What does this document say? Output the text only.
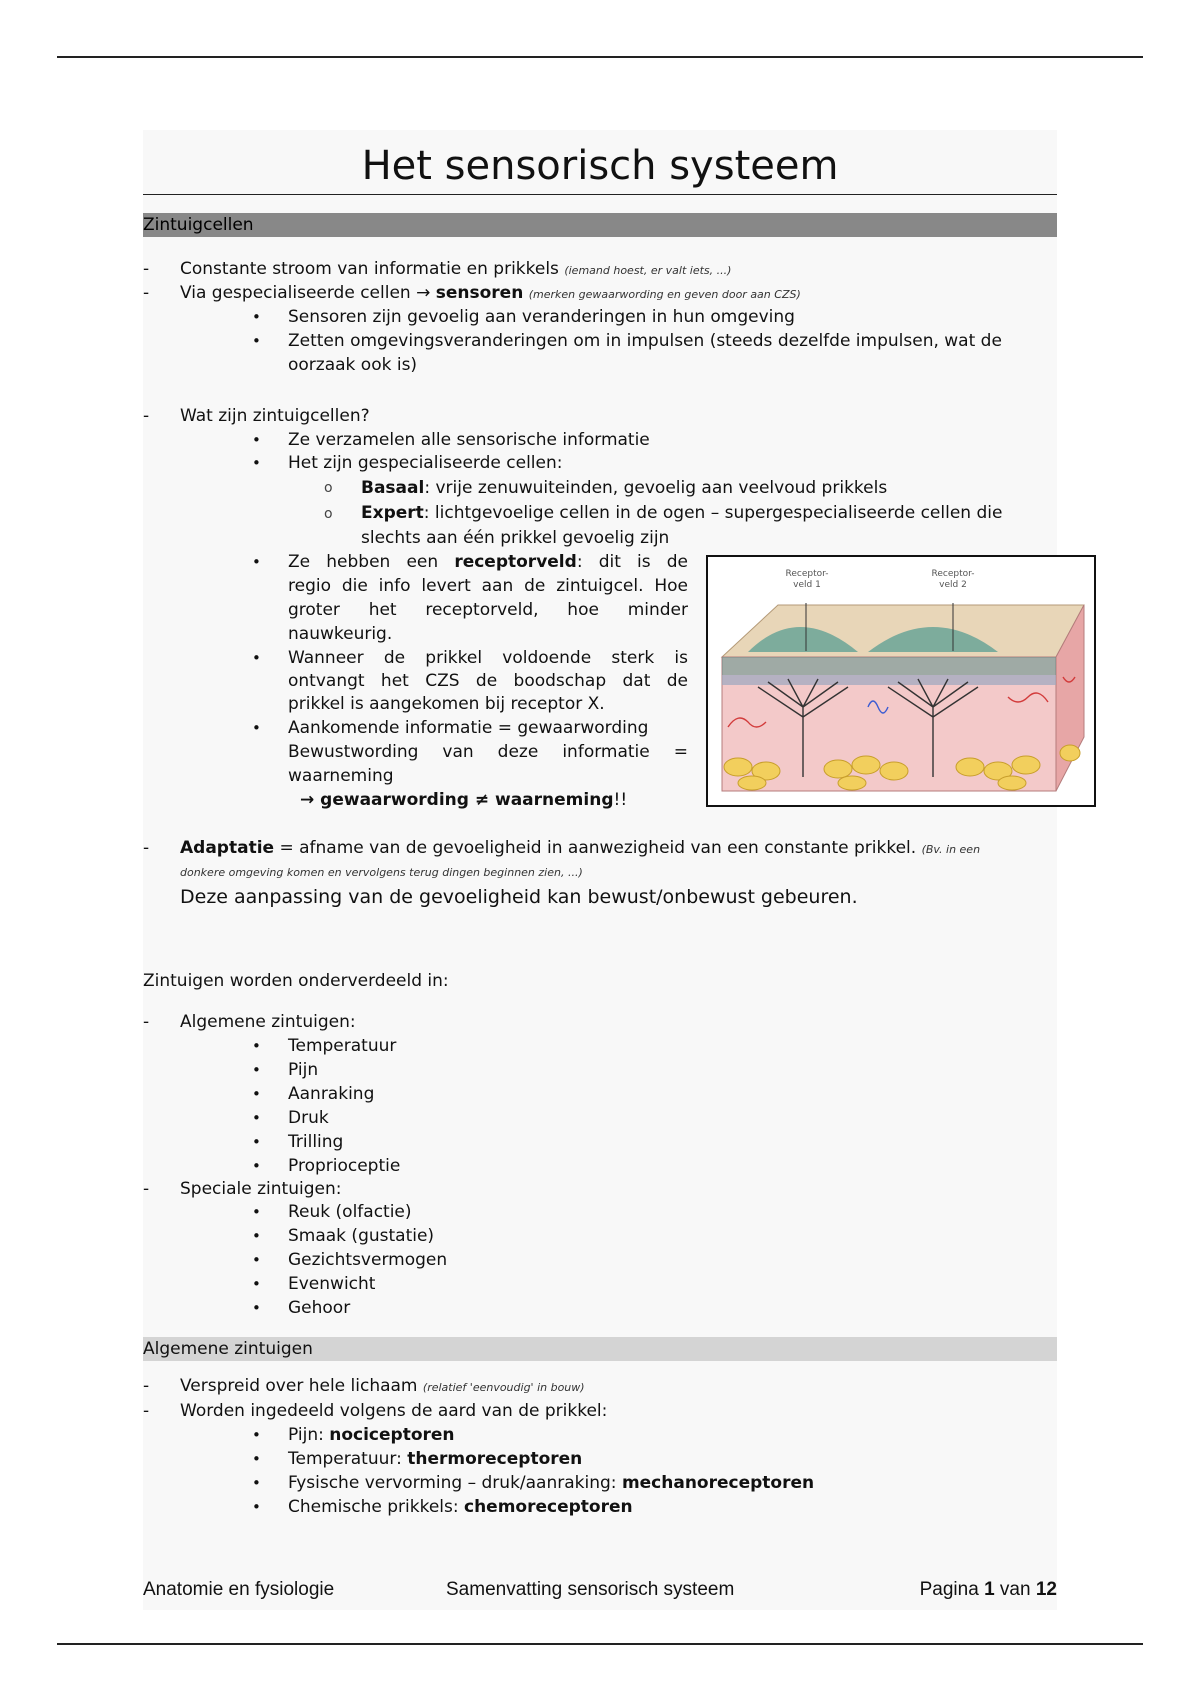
Het sensorisch systeem
Zintuigcellen
- Constante stroom van informatie en prikkels (iemand hoest, er valt iets, ...)
- Via gespecialiseerde cellen → sensoren (merken gewaarwording en geven door aan CZS)
• Sensoren zijn gevoelig aan veranderingen in hun omgeving
• Zetten omgevingsveranderingen om in impulsen (steeds dezelfde impulsen, wat de
oorzaak ook is)
- Wat zijn zintuigcellen?
• Ze verzamelen alle sensorische informatie
• Het zijn gespecialiseerde cellen:
o Basaal: vrije zenuwuiteinden, gevoelig aan veelvoud prikkels
o Expert: lichtgevoelige cellen in de ogen – supergespecialiseerde cellen die
slechts aan één prikkel gevoelig zijn
• Ze hebben een receptorveld: dit is de
regio die info levert aan de zintuigcel. Hoe
groter het receptorveld, hoe minder
nauwkeurig.
• Wanneer de prikkel voldoende sterk is
ontvangt het CZS de boodschap dat de
prikkel is aangekomen bij receptor X.
• Aankomende informatie = gewaarwording
Bewustwording van deze informatie =
waarneming
→ gewaarwording ≠ waarneming!!
Receptor-
veld 1
Receptor-
veld 2
- Adaptatie = afname van de gevoeligheid in aanwezigheid van een constante prikkel. (Bv. in een
donkere omgeving komen en vervolgens terug dingen beginnen zien, ...)
Deze aanpassing van de gevoeligheid kan bewust/onbewust gebeuren.
Zintuigen worden onderverdeeld in:
- Algemene zintuigen:
• Temperatuur
• Pijn
• Aanraking
• Druk
• Trilling
• Proprioceptie
- Speciale zintuigen:
• Reuk (olfactie)
• Smaak (gustatie)
• Gezichtsvermogen
• Evenwicht
• Gehoor
Algemene zintuigen
- Verspreid over hele lichaam (relatief 'eenvoudig' in bouw)
- Worden ingedeeld volgens de aard van de prikkel:
• Pijn: nociceptoren
• Temperatuur: thermoreceptoren
• Fysische vervorming – druk/aanraking: mechanoreceptoren
• Chemische prikkels: chemoreceptoren
Anatomie en fysiologie	Samenvatting sensorisch systeem	Pagina 1 van 12
